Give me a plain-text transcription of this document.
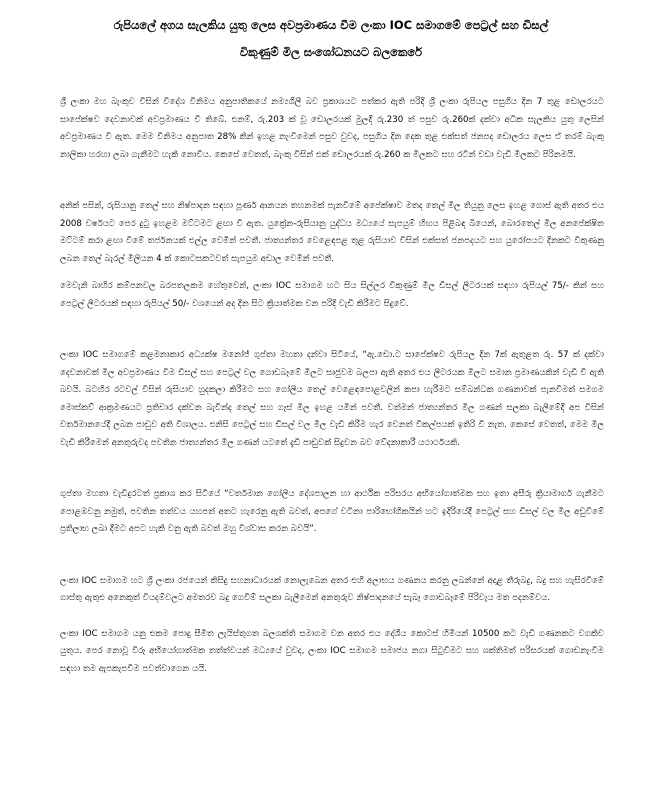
රුපියලේ අගය සැලකිය යුතු ලෙස අවප්‍රමාණය වීම ලංකා IOC සමාගමේ පෙට්‍රල් සහ ඩීසල්
විකුණුම් මිල සංශෝධනයට බලකෙරේ

ශ්‍රී ලංකා මහ බැංකුව විසින් විදේශ විනිමය අනුපාතිකයේ නම්‍යශීලී බව ප්‍රකාශයට පත්කර ඇති පරිදි ශ්‍රී ලංකා රුපියල පසුගිය දින 7 තුළ ඩොලරයට සාපේක්ෂව දෙවනාවක් අවප්‍රමාණය වී තිබේ. එනම්, රු.203 ක් වූ ඩොලරයක් මුලදී රු.230 ත් පසුව රු.260ක් දක්වා අධික සැලකිය යුතු ලෙසින් අවප්‍රමාණය වී ඇත. මෙම විනිමය අනුපාත 28% කින් ඉහළ නැංවීමෙන් පසුව වුවද, පසුගිය දින දෙක තුළ එක්සත් ජනපද ඩොලරය ලෙස ඒ තරම් බැංකු නාලිකා හරහා ලබා ගැනීමට හැකි නොවීය. කෙසේ වෙතත්, බැංකු විසින් එක් ඩොලරයක් රු.260 ක මිලකට සහ රටින් වඩා වැඩි මිලකට පිරිනමයි.

අනික් පසින්, රුසියානු තෙල් සහ නිෂ්පාදන සඳහා පූර්ණ ආනයන තහනමක් පැනවීමේ අපේක්ෂාව මතද තෙල් මිල තියුනු ලෙස ඉහළ ගොස් ඇති අතර එය 2008 වර්ෂයට පෙර දුටු ඉහළම මට්ටමට ළඟා වී ඇත. යුක්‍රේන-රුසියානු යුද්ධය මධ්‍යයේ සැපයුම් හිඟය පිළිබඳ බියෙන්, බොරතෙල් මිල අනපේක්ෂිත මට්ටම් කරා ළඟා වීමේ තර්ජනයක් එල්ල වෙමින් පවතී. ජාත්‍යන්තර වෙළෙඳපළ තුළ රුසියාව විසින් එක්සත් ජනපදයට සහ යුරෝපයට දිනකට විකුණනු ලබන තෙල් බැරල් මිලියන 4 ක් කොටසකටවත් සැපයුම අඩාල වෙමින් පවතී.

මෙවැනි බාහිර කම්පනවල බරපතලකම හේතුවෙන්, ලංකා IOC සමාගම හට සිය සිල්ලර විකුණුම් මිල ඩීසල් ලීටරයක් සඳහා රුපියල් 75/- කින් සහ පෙට්‍රල් ලීටරයක් සඳහා රුපියල් 50/- වශයෙන් අද දින සිට ක්‍රියාත්මක වන පරිදි වැඩි කිරීමට සිදුවේ.

ලංකා IOC සමාගමේ කළමනාකාර අධ්‍යක්ෂ මනෝජ් ගුප්තා මහතා දන්වා සිටියේ, “ඇ.ඩො.ට සාපේක්ෂව රුපියල දින 7ක් ඇතුළත රු. 57 ක් දක්වා දෙවනාවක් මිල අවප්‍රමාණය වීම ඩීසල් සහ පෙට්‍රල් වල ගොඩබෑමේ මිලට සෘජුවම බලපා ඇති අතර එය ලීටරයක මිලට සමාන ප්‍රමාණයකින් වැඩි වී ඇති බවයි. බටහිර රටවල් විසින් රුසියාව හුදකලා කිරීමට සහ ගෝලීය තෙල් වෙළෙඳපොළවලින් කපා හැරීමට සම්බන්ධක ගණනාවක් පැනවීමත් සමගම මොස්කව් ආක්‍රමණයට ප්‍රතිචාර දක්වන බැවින්ද තෙල් සහ ගෑස් මිල ඉහළ යමින් පවතී. වත්මන් ජාත්‍යන්තර මිල ගණන් සලකා බැලීමේදී අප විසින් වර්තමානයේදී ලබන පාඩුව අති විශාලය. එනිසි පෙට්‍රල් සහ ඩීසල් වල මිල වැඩි කිරීම හැර වෙනත් විකල්පයක් ඉතිරි වී නැත. කෙසේ වෙතත්, මෙම මිල වැඩි කිරීමෙන් අනතුරුවද පවතින ජාත්‍යන්තර මිල ගණන් යටතේ දැඩි පාඩුවක් සිදුවන බව වේදනාකාරී යථාර්ථයකි.

ගුප්තා මහතා වැඩිදුරටත් ප්‍රකාශ කර සිටියේ “වර්තමාන ගෝලීය දේශපාලන හා ආර්ථික පරිසරය අභියෝගාත්මක සහ ඉතා අසීරු ක්‍රියාමාර්ග ගැනීමට පොළඹවනු නමුත්, පවතින තත්වය යහපත් අතට හැරෙනු ඇති බවත්, අපගේ වටිනා පාරිභෝගිකයින් හට ඉදිරියේදී පෙට්‍රල් සහ ඩීසල් වල මිල අඩුවීමේ ප්‍රතිලාභ ලබා දීමට අපට හැකි වනු ඇති බවත් ඔහු විශ්වාස කරන බවයි”.

ලංකා IOC සමාගම හට ශ්‍රී ලංකා රජයෙන් කිසිදු සහනාධාරයක් නොලැබෙන අතර එහි අලාභය ගණනය කරනු ලබන්නේ අදාළ තීරුබදු, බදු සහ හැසිරවීමේ ගාස්තු ඇතුළු අනෙකුත් වියදම්වලට අමතරව බදු ගෙවීම් සලකා බැලීමෙන් අනතුරුව නිෂ්පාදනයේ සැබෑ ගොඩබෑමේ පිරිවැය මත පදනම්වය.

ලංකා IOC සමාගම යනු එකම පොදු සීමිත ලැයිස්තුගත බලශක්ති සමාගම වන අතර එය දේශීය කොටස් හිමියන් 10500 කට වැඩි ගණනකට වගකිව යුතුය. පෙර නොවූ විරූ අභියෝගාත්මක තත්ත්වයන් මධ්‍යයේ වුවද, ලංකා IOC සමාගම සමාජය නගා සිටුවීමට සහ ශක්තිමත් පරිසරයක් ගොඩනැංවීම සඳහා තම ඇපකැපවීම පවත්වාගෙන යයි.
